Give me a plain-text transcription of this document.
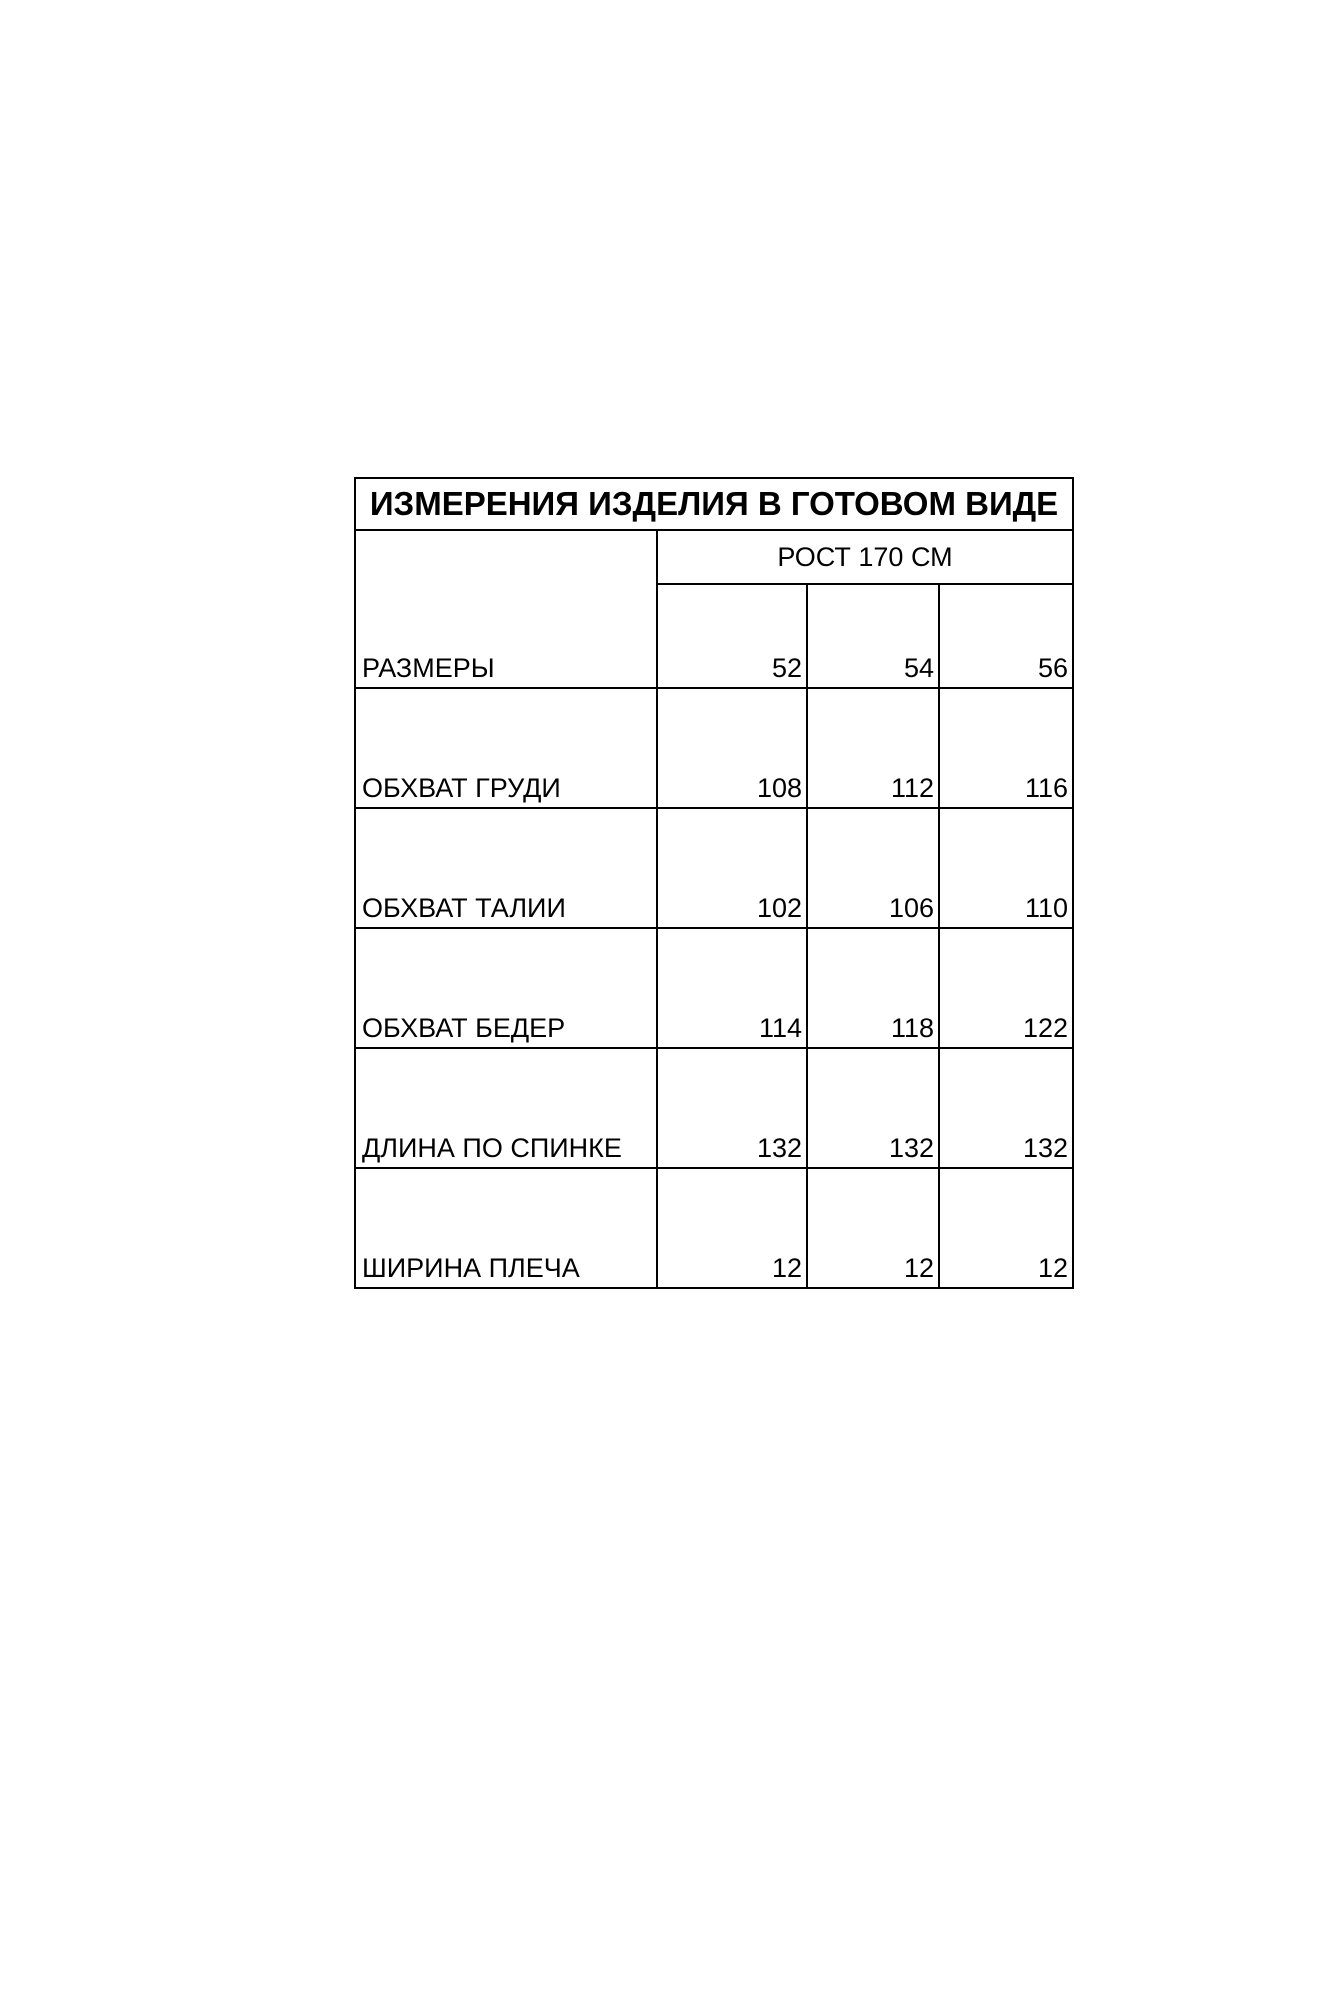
ИЗМЕРЕНИЯ ИЗДЕЛИЯ В ГОТОВОМ ВИДЕ			
РАЗМЕРЫ	РОСТ 170 СМ		
	52	54	56
ОБХВАТ ГРУДИ	108	112	116
ОБХВАТ ТАЛИИ	102	106	110
ОБХВАТ БЕДЕР	114	118	122
ДЛИНА ПО СПИНКЕ	132	132	132
ШИРИНА ПЛЕЧА	12	12	12
